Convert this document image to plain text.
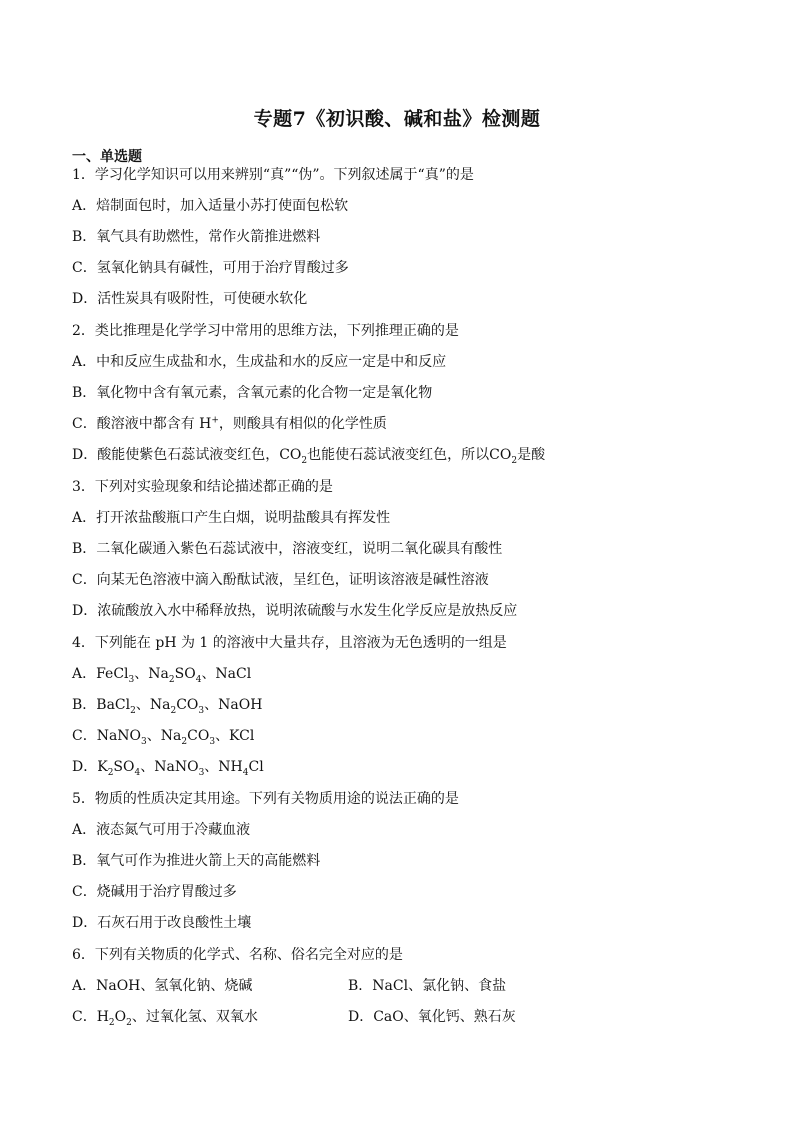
专题7《初识酸、碱和盐》检测题
一、单选题
1．学习化学知识可以用来辨别“真”“伪”。下列叙述属于“真”的是
A．焙制面包时，加入适量小苏打使面包松软
B．氧气具有助燃性，常作火箭推进燃料
C．氢氧化钠具有碱性，可用于治疗胃酸过多
D．活性炭具有吸附性，可使硬水软化
2．类比推理是化学学习中常用的思维方法，下列推理正确的是
A．中和反应生成盐和水，生成盐和水的反应一定是中和反应
B．氧化物中含有氧元素，含氧元素的化合物一定是氧化物
C．酸溶液中都含有 H+，则酸具有相似的化学性质
D．酸能使紫色石蕊试液变红色，$CO_2$也能使石蕊试液变红色，所以$CO_2$是酸
3．下列对实验现象和结论描述都正确的是
A．打开浓盐酸瓶口产生白烟，说明盐酸具有挥发性
B．二氧化碳通入紫色石蕊试液中，溶液变红，说明二氧化碳具有酸性
C．向某无色溶液中滴入酚酞试液，呈红色，证明该溶液是碱性溶液
D．浓硫酸放入水中稀释放热，说明浓硫酸与水发生化学反应是放热反应
4．下列能在 pH 为 1 的溶液中大量共存，且溶液为无色透明的一组是
A．FeCl$_3$、$Na_2SO_4$、NaCl
B．BaCl$_2$、$Na_2CO_3$、NaOH
C．NaNO$_3$、$Na_2CO_3$、KCl
D．$K_2SO_4$、NaNO$_3$、$NH_4Cl$
5．物质的性质决定其用途。下列有关物质用途的说法正确的是
A．液态氮气可用于冷藏血液
B．氧气可作为推进火箭上天的高能燃料
C．烧碱用于治疗胃酸过多
D．石灰石用于改良酸性土壤
6．下列有关物质的化学式、名称、俗名完全对应的是
A．NaOH、氢氧化钠、烧碱	B．NaCl、氯化钠、食盐
C．$H_2O_2$、过氧化氢、双氧水	D．CaO、氧化钙、熟石灰
